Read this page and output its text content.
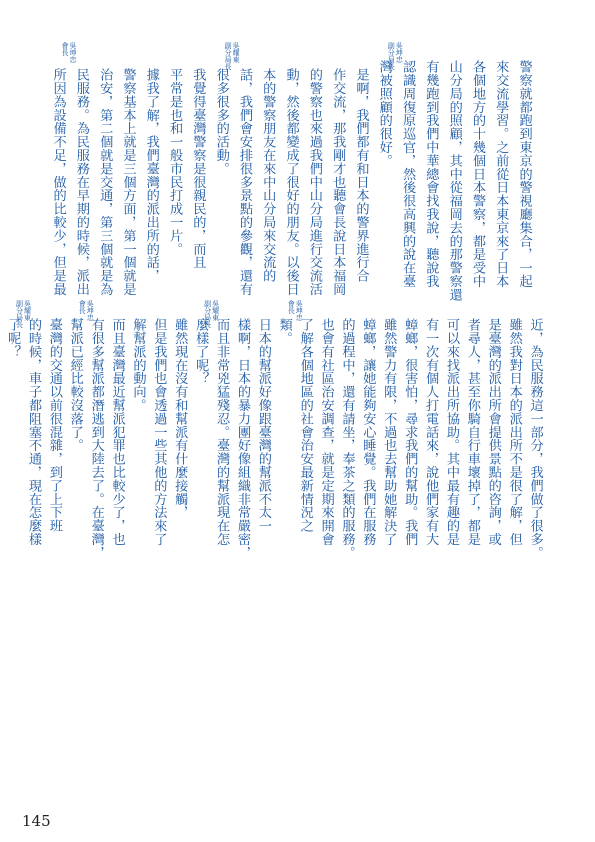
警察就都跑到東京的警視廳集合，一起
來交流學習。之前從日本東京來了日本
各個地方的十幾個日本警察，都是受中
山分局的照顧，其中從福岡去的那警察還
有幾跑到我們中華總會找我說，聽說我
認識周復原巡官，然後很高興的說在臺
灣被照顧的很好。
是啊，我們都有和日本的警界進行合
作交流，那我剛才也聽會長說日本福岡
的警察也來過我們中山分局進行交流活
動，然後都變成了很好的朋友。以後日
本的警察朋友在來中山分局來交流的
話，我們會安排很多景點的參觀，還有
很多很多的活動。
我覺得臺灣警察是很親民的，而且
平常是也和一般市民打成一片。
據我了解，我們臺灣的派出所的話，
警察基本上就是三個方面，第一個就是
治安，第二個就是交通，第三個就是為
民服務。為民服務在早期的時候，派出
所因為設備不足，做的比較少，但是最
吳坤忠
副分局長
吳耀東
副分局長
吳坤忠
會長
近，為民服務這一部分，我們做了很多。
雖然我對日本的派出所不是很了解，但
是臺灣的派出所會提供景點的咨詢，或
者尋人，甚至你騎自行車壞掉了，都是
可以來找派出所協助。其中最有趣的是
有一次有個人打電話來，說他們家有大
蟑螂，很害怕，尋求我們的幫助。我們
雖然警力有限，不過也去幫助她解決了
蟑螂，讓她能夠安心睡覺。我們在服務
的過程中，還有請坐，奉茶之類的服務。
也會有社區治安調查，就是定期來開會
了解各個地區的社會治安最新情況之
類。
日本的幫派好像跟臺灣的幫派不太一
樣啊，日本的暴力團好像組織非常嚴密，
而且非常兇猛殘忍。臺灣的幫派現在怎
麼樣了呢？
雖然現在沒有和幫派有什麼接觸，
但是我們也會透過一些其他的方法來了
解幫派的動向。
而且臺灣最近幫派犯罪也比較少了，也
有很多幫派都潛逃到大陸去了。在臺灣，
幫派已經比較沒落了。
臺灣的交通以前很混雜，到了上下班
的時候，車子都阻塞不通，現在怎麼樣
了呢？
吳坤忠
會長
吳耀東
副分局長	吳坤忠
會長
吳耀東
副分局長
145
